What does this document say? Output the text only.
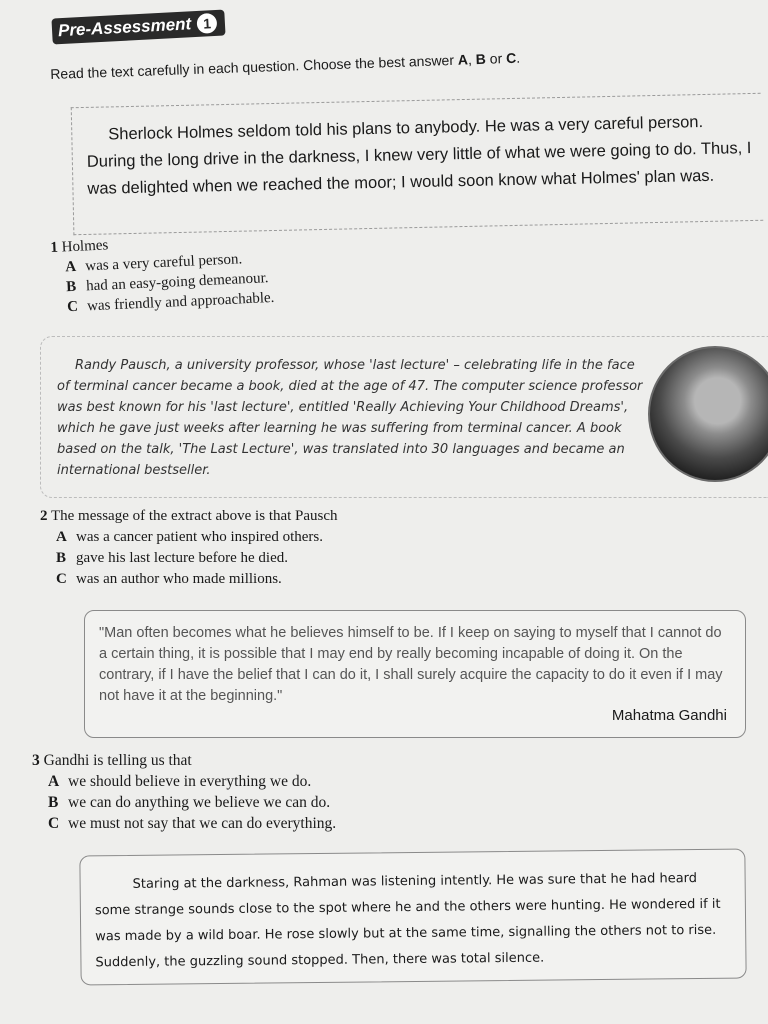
Pre-Assessment 1
Read the text carefully in each question. Choose the best answer A, B or C.

Sherlock Holmes seldom told his plans to anybody. He was a very careful person. During the long drive in the darkness, I knew very little of what we were going to do. Thus, I was delighted when we reached the moor; I would soon know what Holmes' plan was.

1 Holmes

A was a very careful person.

B had an easy-going demeanour.

C was friendly and approachable.

Randy Pausch, a university professor, whose 'last lecture' – celebrating life in the face of terminal cancer became a book, died at the age of 47. The computer science professor was best known for his 'last lecture', entitled 'Really Achieving Your Childhood Dreams', which he gave just weeks after learning he was suffering from terminal cancer. A book based on the talk, 'The Last Lecture', was translated into 30 languages and became an international bestseller.

2 The message of the extract above is that Pausch

A was a cancer patient who inspired others.

B gave his last lecture before he died.

C was an author who made millions.

"Man often becomes what he believes himself to be. If I keep on saying to myself that I cannot do a certain thing, it is possible that I may end by really becoming incapable of doing it. On the contrary, if I have the belief that I can do it, I shall surely acquire the capacity to do it even if I may not have it at the beginning."

Mahatma Gandhi

3 Gandhi is telling us that

A we should believe in everything we do.

B we can do anything we believe we can do.

C we must not say that we can do everything.

Staring at the darkness, Rahman was listening intently. He was sure that he had heard some strange sounds close to the spot where he and the others were hunting. He wondered if it was made by a wild boar. He rose slowly but at the same time, signalling the others not to rise. Suddenly, the guzzling sound stopped. Then, there was total silence.
